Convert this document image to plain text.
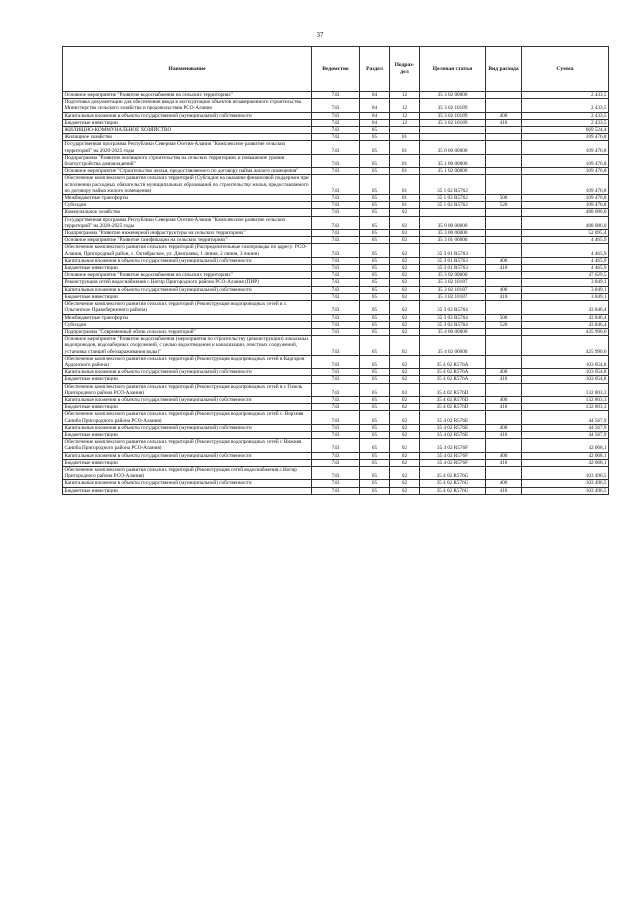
37
Наименование	Ведомство	Раздел	Подраз-дел	Целевая статья	Вид расхода	Сумма
Основное мероприятие "Развитие водоснабжения на сельских территориях"	743	04	12	35 3 02 00000		2 433,5
Подготовка документации для обеспечения ввода в эксплуатацию объектов незавершенного строительства Министерства сельского хозяйства и продовольствия РСО-Алания	743	04	12	35 3 02 10189		2 433,5
Капитальные вложения в объекты государственной (муниципальной) собственности	743	04	12	35 3 02 10189	400	2 433,5
Бюджетные инвестиции	743	04	12	35 3 02 10189	410	2 433,5
ЖИЛИЩНО-КОММУНАЛЬНОЕ ХОЗЯЙСТВО	743	05				669 524,4
Жилищное хозяйство	743	05	01			109 476,8
Государственная программа Республики Северная Осетия-Алания "Комплексное развитие сельских территорий" на 2020-2025 годы	743	05	01	35 0 00 00000		109 476,8
Подпрограмма "Развитие жилищного строительства на сельских территориях и повышение уровня благоустройства домовладений"	743	05	01	35 1 00 00000		109 476,8
Основное мероприятие "Строительство жилья, предоставляемого по договору найма жилого помещения"	743	05	01	35 1 02 00000		109 476,8
Обеспечение комплексного развития сельских территорий (Субсидии на оказание финансовой поддержки при исполнении расходных обязательств муниципальных образований по строительству жилья, предоставляемого по договору найма жилого помещения)	743	05	01	35 1 02 R5762		109 476,8
Межбюджетные трансферты	743	05	01	35 1 02 R5762	500	109 476,8
Субсидии	743	05	01	35 1 02 R5762	520	109 476,8
Коммунальное хозяйство	743	05	02			488 086,0
Государственная программа Республики Северная Осетия-Алания "Комплексное развитие сельских территорий" на 2020-2025 годы	743	05	02	35 0 00 00000		488 086,0
Подпрограмма "Развитие инженерной инфраструктуры на сельских территориях"	743	05	02	35 3 00 00000		52 095,4
Основное мероприятие "Развитие газификации на сельских территориях"	743	05	02	35 3 01 00000		4 465,9
Обеспечение комплексного развития сельских территорий (Распределительные газопроводы по адресу: РСО-Алания, Пригородный район, с. Октябрьское, ул. Джигкаева, 1 линия, 2 линия, 3 линия)	743	05	02	35 3 01 R5763		4 465,9
Капитальные вложения в объекты государственной (муниципальной) собственности	743	05	02	35 3 01 R5763	400	4 465,9
Бюджетные инвестиции	743	05	02	35 3 01 R5763	410	4 465,9
Основное мероприятие "Развитие водоснабжения на сельских территориях"	743	05	02	35 3 02 00000		47 629,5
Реконструкция сетей водоснабжения с.Ногир Пригородного района РСО-Алания (ПИР)	743	05	02	35 3 02 10187		3 849,1
Капитальные вложения в объекты государственной (муниципальной) собственности	743	05	02	35 3 02 10187	400	3 849,1
Бюджетные инвестиции	743	05	02	35 3 02 10187	410	3 849,1
Обеспечение комплексного развития сельских территорий (Реконструкция водопроводных сетей в с. Ольгинское Правобережного района)	743	05	02	35 3 02 R5764		43 846,4
Межбюджетные трансферты	743	05	02	35 3 02 R5764	500	43 846,4
Субсидии	743	05	02	35 3 02 R5764	520	43 846,4
Подпрограмма "Современный облик сельских территорий"	743	05	02	35 4 00 00000		435 990,6
Основное мероприятие "Развитие водоснабжения (мероприятия по строительству (реконструкции) локальных водопроводов, водозаборных сооружений, с целью водоотведения и канализации, очистных сооружений, установка станций обеззараживания воды)"	743	05	02	35 4 02 00000		425 990,6
Обеспечение комплексного развития сельских территорий (Реконструкция водопроводных сетей в Кадгарон Ардонского района)	743	05	02	35 4 02 R576A		103 054,8
Капитальные вложения в объекты государственной (муниципальной) собственности	743	05	02	35 4 02 R576A	400	103 054,8
Бюджетные инвестиции	743	05	02	35 4 02 R576A	410	103 054,8
Обеспечение комплексного развития сельских территорий (Реконструкция водопроводных сетей в с Гизель Пригородного района РСО-Алания)	743	05	02	35 4 02 R576D		132 803,3
Капитальные вложения в объекты государственной (муниципальной) собственности	743	05	02	35 4 02 R576D	400	132 803,3
Бюджетные инвестиции	743	05	02	35 4 02 R576D	410	132 803,3
Обеспечение комплексного развития сельских территорий (Реконструкция водопроводных сетей с. Верхняя Саниба Пригородного района РСО-Алания)	743	05	02	35 4 02 R576E		44 567,9
Капитальные вложения в объекты государственной (муниципальной) собственности	743	05	02	35 4 02 R576E	400	44 567,9
Бюджетные инвестиции	743	05	02	35 4 02 R576E	410	44 567,9
Обеспечение комплексного развития сельских территорий (Реконструкция водопроводных сетей с Нижняя Саниба Пригородного района РСО-Алания)	743	05	02	35 4 02 R576F		42 068,1
Капитальные вложения в объекты государственной (муниципальной) собственности	743	05	02	35 4 02 R576F	400	42 068,1
Бюджетные инвестиции	743	05	02	35 4 02 R576F	410	42 068,1
Обеспечение комплексного развития сельских территорий (Реконструкция сетей водоснабжения с.Ногир Пригородного района РСО-Алания)	743	05	02	35 4 02 R576G		103 496,5
Капитальные вложения в объекты государственной (муниципальной) собственности	743	05	02	35 4 02 R576G	400	103 496,5
Бюджетные инвестиции	743	05	02	35 4 02 R576G	410	103 496,5
